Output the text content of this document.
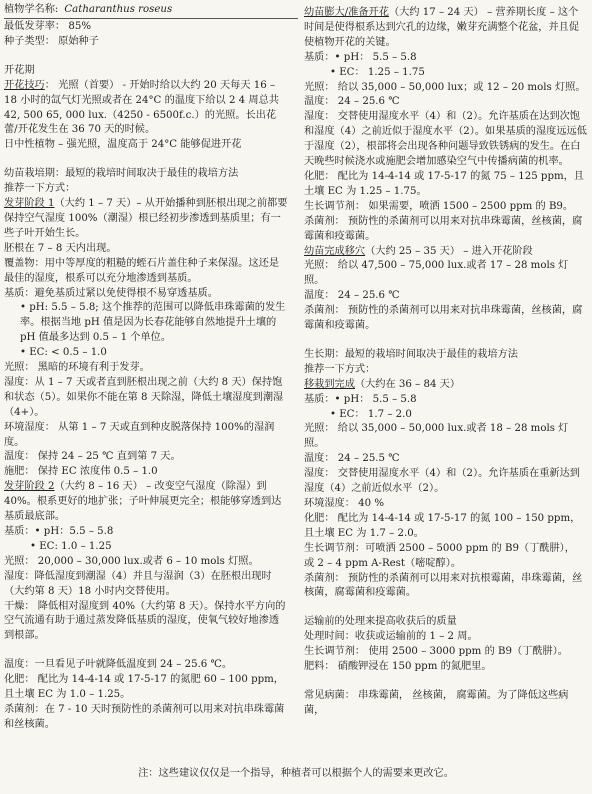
植物学名称: Catharanthus roseus

最低发芽率： 85%

种子类型： 原始种子

开花期

开花技巧： 光照（首要） - 开始时给以大约 20 天每天 16 – 18 小时的氙气灯光照或者在 24°C 的温度下给以 2 4 周总共 42, 500 65, 000 lux.（4250 - 6500f.c.）的光照。长出花蕾/开花发生在 36 70 天的时候。

日中性植物 – 强光照，温度高于 24°C 能够促进开花

幼苗栽培期：最短的栽培时间取决于最佳的栽培方法

推荐一下方式：

发芽阶段 1（大约 1 – 7 天）– 从开始播种到胚根出现之前都要保持空气湿度 100%（潮湿）根已经初步渗透到基质里；有一些子叶开始生长。

胚根在 7 – 8 天内出现。

覆盖物：用中等厚度的粗糙的蛭石片盖住种子来保湿。这还是最佳的湿度，根系可以充分地渗透到基质。

基质：避免基质过紧以免使得根不易穿透基质。

• pH: 5.5 – 5.8; 这个推荐的范围可以降低串珠霉菌的发生率。根据当地 pH 值是因为长春花能够自然地提升土壤的 pH 值最多达到 0.5 – 1 个单位。

• EC: < 0.5 – 1.0

光照： 黑暗的环境有利于发芽。

湿度：从 1 – 7 天或者直到胚根出现之前（大约 8 天）保持饱和状态（5）。如果你不能在第 8 天除湿，降低土壤湿度到潮湿（4+）。

环境湿度： 从第 1 – 7 天或直到种皮脱落保持 100%的湿润度。

温度： 保持 24 – 25 ℃ 直到第 7 天。

施肥： 保持 EC 浓度伟 0.5 – 1.0

发芽阶段 2（大约 8 – 16 天） – 改变空气湿度（除湿）到 40%。根系更好的地扩张；子叶伸展更完全；根能够穿透到达基质最底部。

基质：• pH：5.5 – 5.8

• EC: 1.0 – 1.25

光照： 20,000 – 30,000 lux.或者 6 – 10 mols 灯照。

湿度：降低湿度到潮湿（4）并且与湿润（3）在胚根出现时（大约第 8 天）18 小时内交替使用。

干燥： 降低相对湿度到 40%（大约第 8 天）。保持水平方向的空气流通有助于通过蒸发降低基质的湿度，使氧气较好地渗透到根部。

温度：一旦看见子叶就降低温度到 24 – 25.6 ℃。

化肥： 配比为 14-4-14 或 17-5-17 的氮肥 60 – 100 ppm，且土壤 EC 为 1.0 – 1.25。

杀菌剂：在 7 - 10 天时预防性的杀菌剂可以用来对抗串珠霉菌和丝核菌。

幼苗膨大/准备开花（大约 17 – 24 天） – 营养期长度 – 这个时间是使得根系达到穴孔的边缘，嫩芽充满整个花盆，并且促使植物开花的关键。

基质：• pH： 5.5 – 5.8

• EC： 1.25 – 1.75

光照： 给以 35,000 – 50,000 lux；或 12 – 20 mols 灯照。

温度： 24 – 25.6 ℃

湿度： 交替使用湿度水平（4）和（2）。允许基质在达到次饱和湿度（4）之前近似于湿度水平（2）。如果基质的湿度远远低于湿度（2），根部将会出现各种问题导致铁锈病的发生。在白天晚些时候浇水或施肥会增加感染空气中传播病菌的机率。

化肥： 配比为 14-4-14 或 17-5-17 的氮 75 – 125 ppm，且土壤 EC 为 1.25 – 1.75。

生长调节剂： 如果需要，喷洒 1500 – 2500 ppm 的 B9。

杀菌剂： 预防性的杀菌剂可以用来对抗串珠霉菌，丝核菌，腐霉菌和疫霉菌。

幼苗完成移穴（大约 25 – 35 天） – 进入开花阶段

光照： 给以 47,500 – 75,000 lux.或者 17 – 28 mols 灯照。

温度： 24 – 25.6 ℃

杀菌剂： 预防性的杀菌剂可以用来对抗串珠霉菌，丝核菌，腐霉菌和疫霉菌。

生长期：最短的栽培时间取决于最佳的栽培方法

推荐一下方式：

移栽到完成（大约在 36 – 84 天）

基质：• pH： 5.5 – 5.8

• EC： 1.7 – 2.0

光照： 给以 35,000 – 50,000 lux.或者 18 – 28 mols 灯照。

温度： 24 – 25.5 ℃

湿度： 交替使用湿度水平（4）和（2）。允许基质在重新达到湿度（4）之前近似水平（2）。

环境湿度： 40 %

化肥： 配比为 14-4-14 或 17-5-17 的氮 100 – 150 ppm，且土壤 EC 为 1.7 – 2.0。

生长调节剂：可喷洒 2500 – 5000 ppm 的 B9（丁酰肼）， 或 2 – 4 ppm A-Rest（嘧啶醇）。

杀菌剂： 预防性的杀菌剂可以用来对抗根霉菌，串珠霉菌，丝核菌，腐霉菌和疫霉菌。

运输前的处理来提高收获后的质量

处理时间：收获或运输前的 1 – 2 周。

生长调节剂： 使用 2500 – 3000 ppm 的 B9（丁酰肼）。

肥料： 硝酸钾浸在 150 ppm 的氮肥里。

常见病菌： 串珠霉菌， 丝核菌， 腐霉菌。为了降低这些病菌，

注：这些建议仅仅是一个指导，种植者可以根据个人的需要来更改它。
